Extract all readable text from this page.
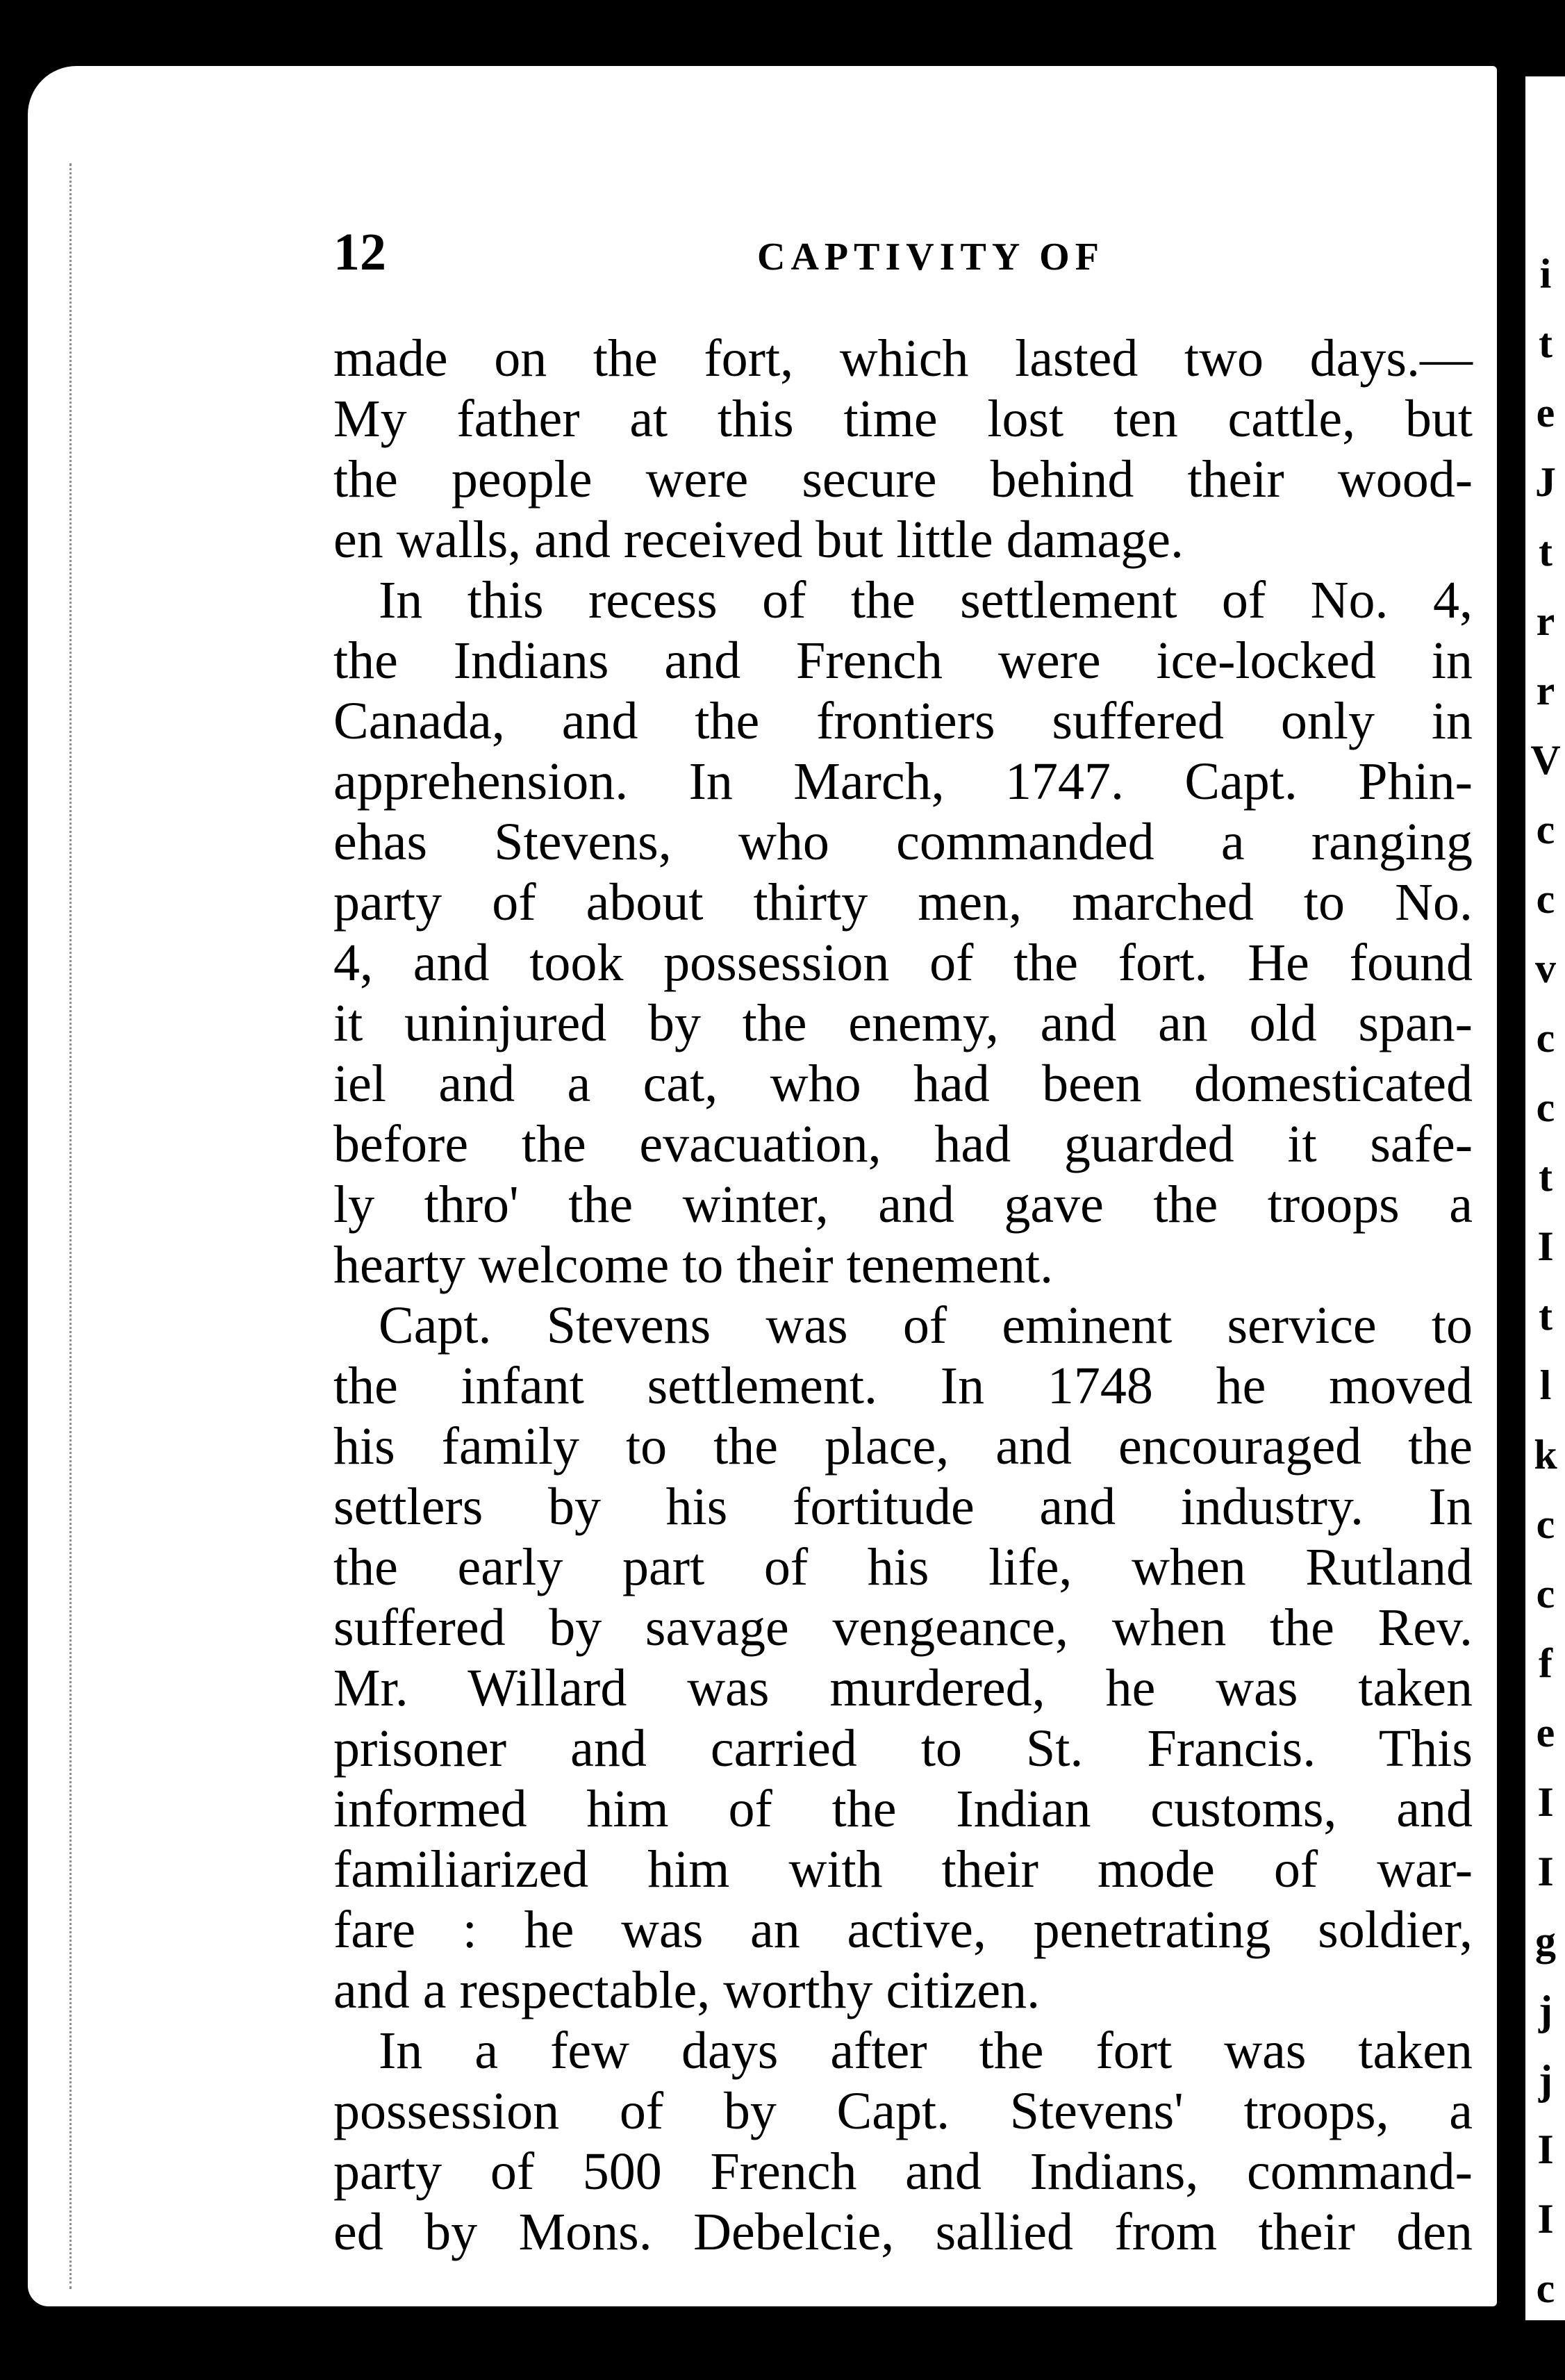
12	CAPTIVITY OF
made on the fort, which lasted two days.—
My father at this time lost ten cattle, but
the people were secure behind their wood-
en walls, and received but little damage.
In this recess of the settlement of No. 4,
the Indians and French were ice-locked in
Canada, and the frontiers suffered only in
apprehension. In March, 1747. Capt. Phin-
ehas Stevens, who commanded a ranging
party of about thirty men, marched to No.
4, and took possession of the fort. He found
it uninjured by the enemy, and an old span-
iel and a cat, who had been domesticated
before the evacuation, had guarded it safe-
ly thro' the winter, and gave the troops a
hearty welcome to their tenement.
Capt. Stevens was of eminent service to
the infant settlement. In 1748 he moved
his family to the place, and encouraged the
settlers by his fortitude and industry. In
the early part of his life, when Rutland
suffered by savage vengeance, when the Rev.
Mr. Willard was murdered, he was taken
prisoner and carried to St. Francis. This
informed him of the Indian customs, and
familiarized him with their mode of war-
fare : he was an active, penetrating soldier,
and a respectable, worthy citizen.
In a few days after the fort was taken
possession of by Capt. Stevens' troops, a
party of 500 French and Indians, command-
ed by Mons. Debelcie, sallied from their den
i
t
e
J
t
r
r
V
c
c
v
c
c
t
I
t
l
k
c
c
f
e
I
I
g
j
j
I
I
c
